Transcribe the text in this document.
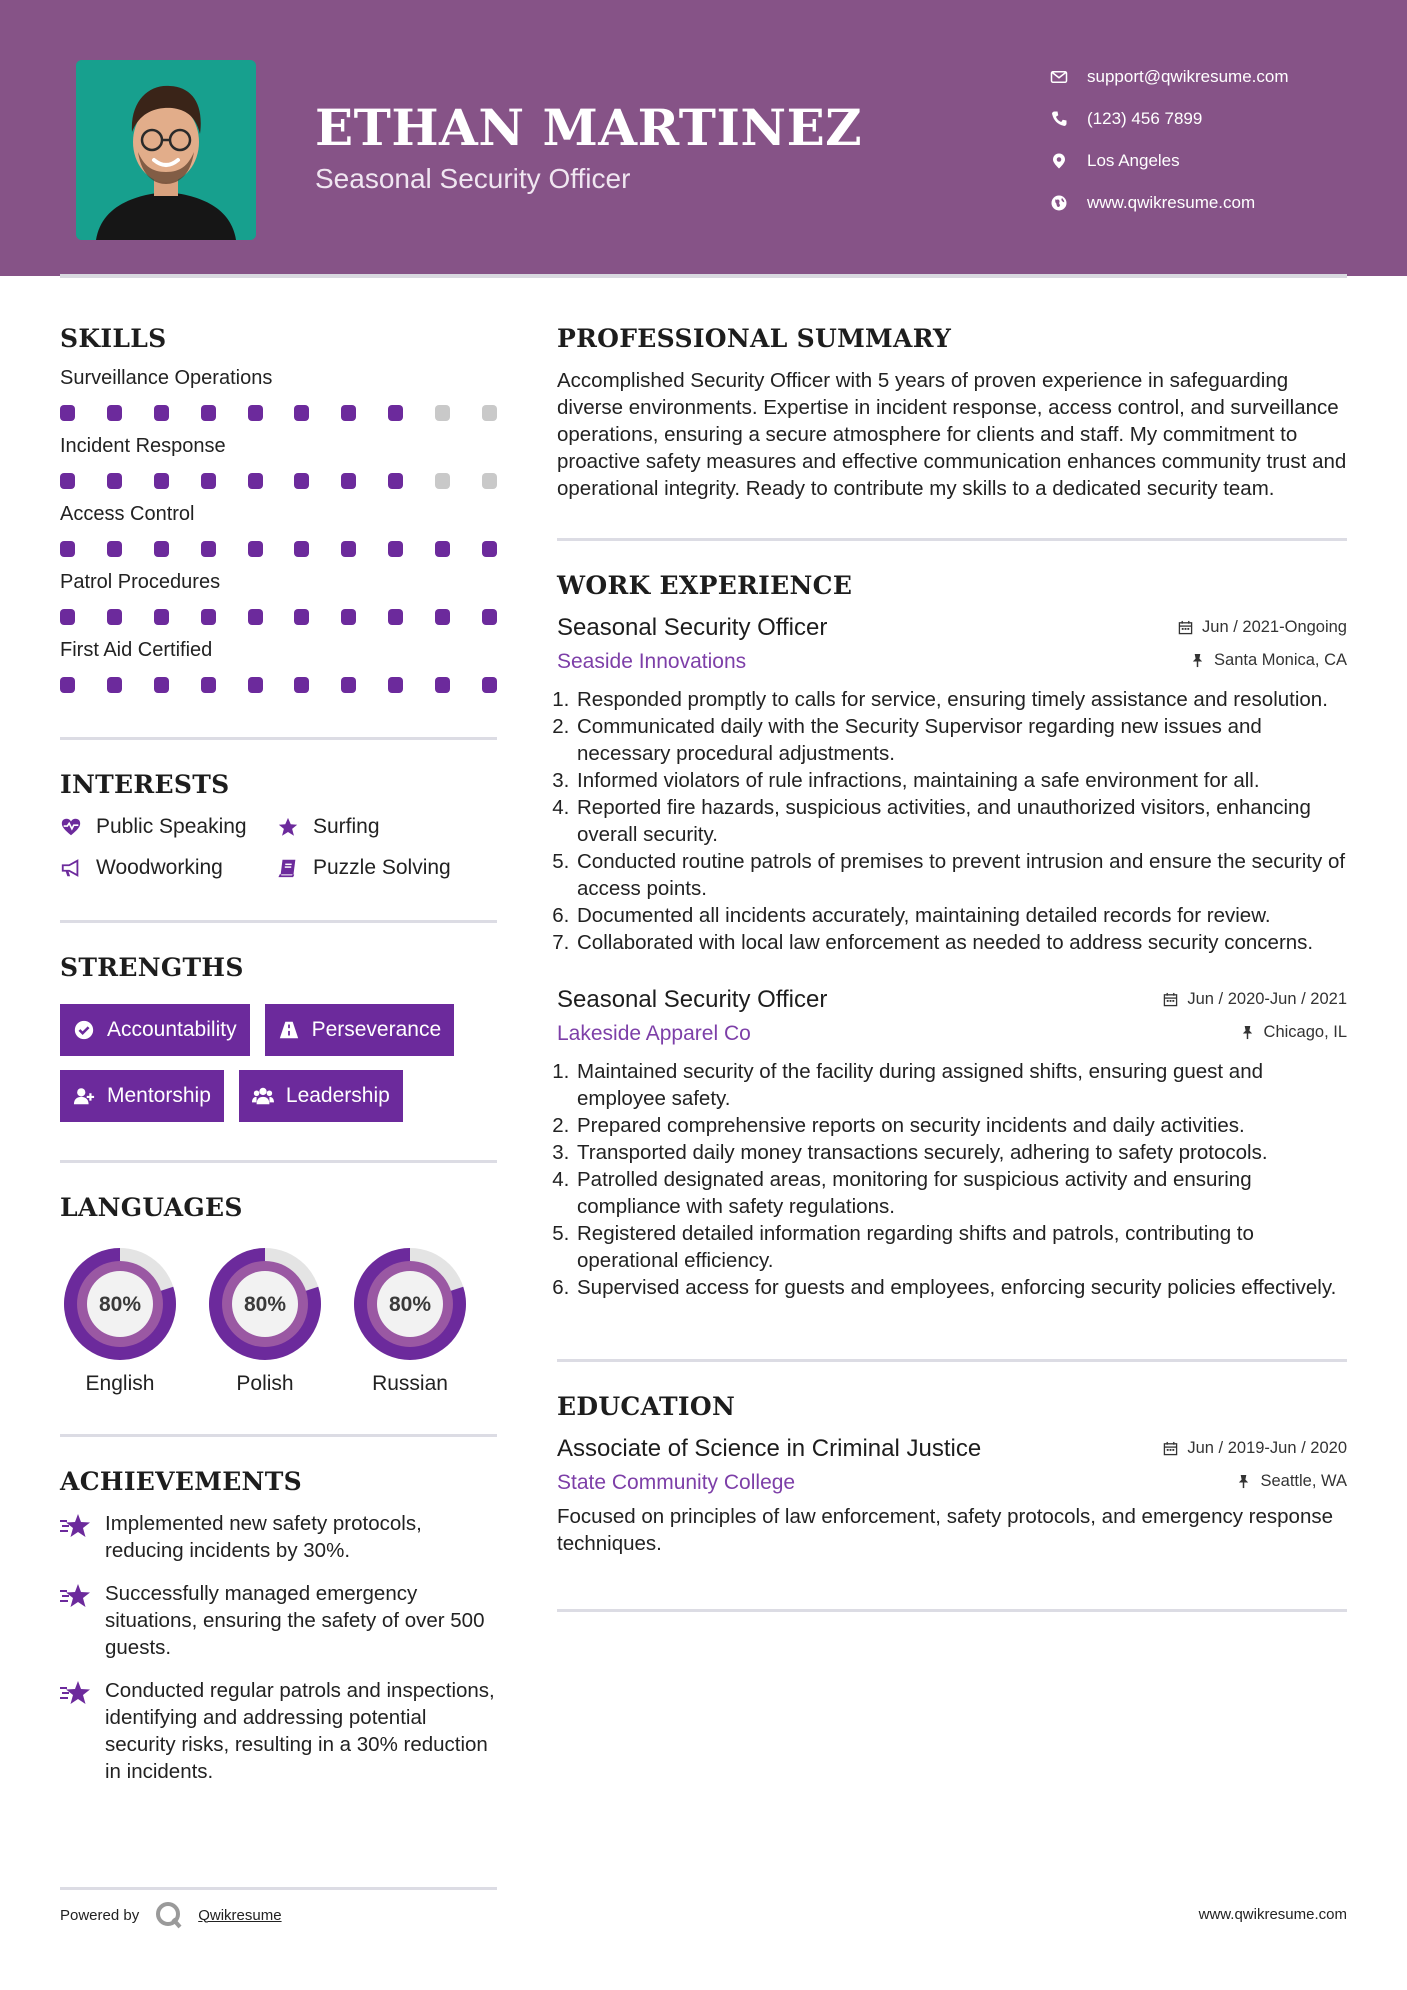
ETHAN MARTINEZ
Seasonal Security Officer
support@qwikresume.com
(123) 456 7899
Los Angeles
www.qwikresume.com
SKILLS
Surveillance Operations
Incident Response
Access Control
Patrol Procedures
First Aid Certified
INTERESTS
Public Speaking	Surfing
Woodworking	Puzzle Solving
STRENGTHS
Accountability	Perseverance
Mentorship	Leadership
LANGUAGES
80%
English
80%
Polish
80%
Russian
ACHIEVEMENTS
Implemented new safety protocols, reducing incidents by 30%.
Successfully managed emergency situations, ensuring the safety of over 500 guests.
Conducted regular patrols and inspections, identifying and addressing potential security risks, resulting in a 30% reduction in incidents.
PROFESSIONAL SUMMARY
Accomplished Security Officer with 5 years of proven experience in safeguarding diverse environments. Expertise in incident response, access control, and surveillance operations, ensuring a secure atmosphere for clients and staff. My commitment to proactive safety measures and effective communication enhances community trust and operational integrity. Ready to contribute my skills to a dedicated security team.
WORK EXPERIENCE
Seasonal Security Officer	Jun / 2021-Ongoing
Seaside Innovations	Santa Monica, CA
1. Responded promptly to calls for service, ensuring timely assistance and resolution.
2. Communicated daily with the Security Supervisor regarding new issues and necessary procedural adjustments.
3. Informed violators of rule infractions, maintaining a safe environment for all.
4. Reported fire hazards, suspicious activities, and unauthorized visitors, enhancing overall security.
5. Conducted routine patrols of premises to prevent intrusion and ensure the security of access points.
6. Documented all incidents accurately, maintaining detailed records for review.
7. Collaborated with local law enforcement as needed to address security concerns.
Seasonal Security Officer	Jun / 2020-Jun / 2021
Lakeside Apparel Co	Chicago, IL
1. Maintained security of the facility during assigned shifts, ensuring guest and employee safety.
2. Prepared comprehensive reports on security incidents and daily activities.
3. Transported daily money transactions securely, adhering to safety protocols.
4. Patrolled designated areas, monitoring for suspicious activity and ensuring compliance with safety regulations.
5. Registered detailed information regarding shifts and patrols, contributing to operational efficiency.
6. Supervised access for guests and employees, enforcing security policies effectively.
EDUCATION
Associate of Science in Criminal Justice	Jun / 2019-Jun / 2020
State Community College	Seattle, WA
Focused on principles of law enforcement, safety protocols, and emergency response techniques.
Powered by	Qwikresume	www.qwikresume.com
